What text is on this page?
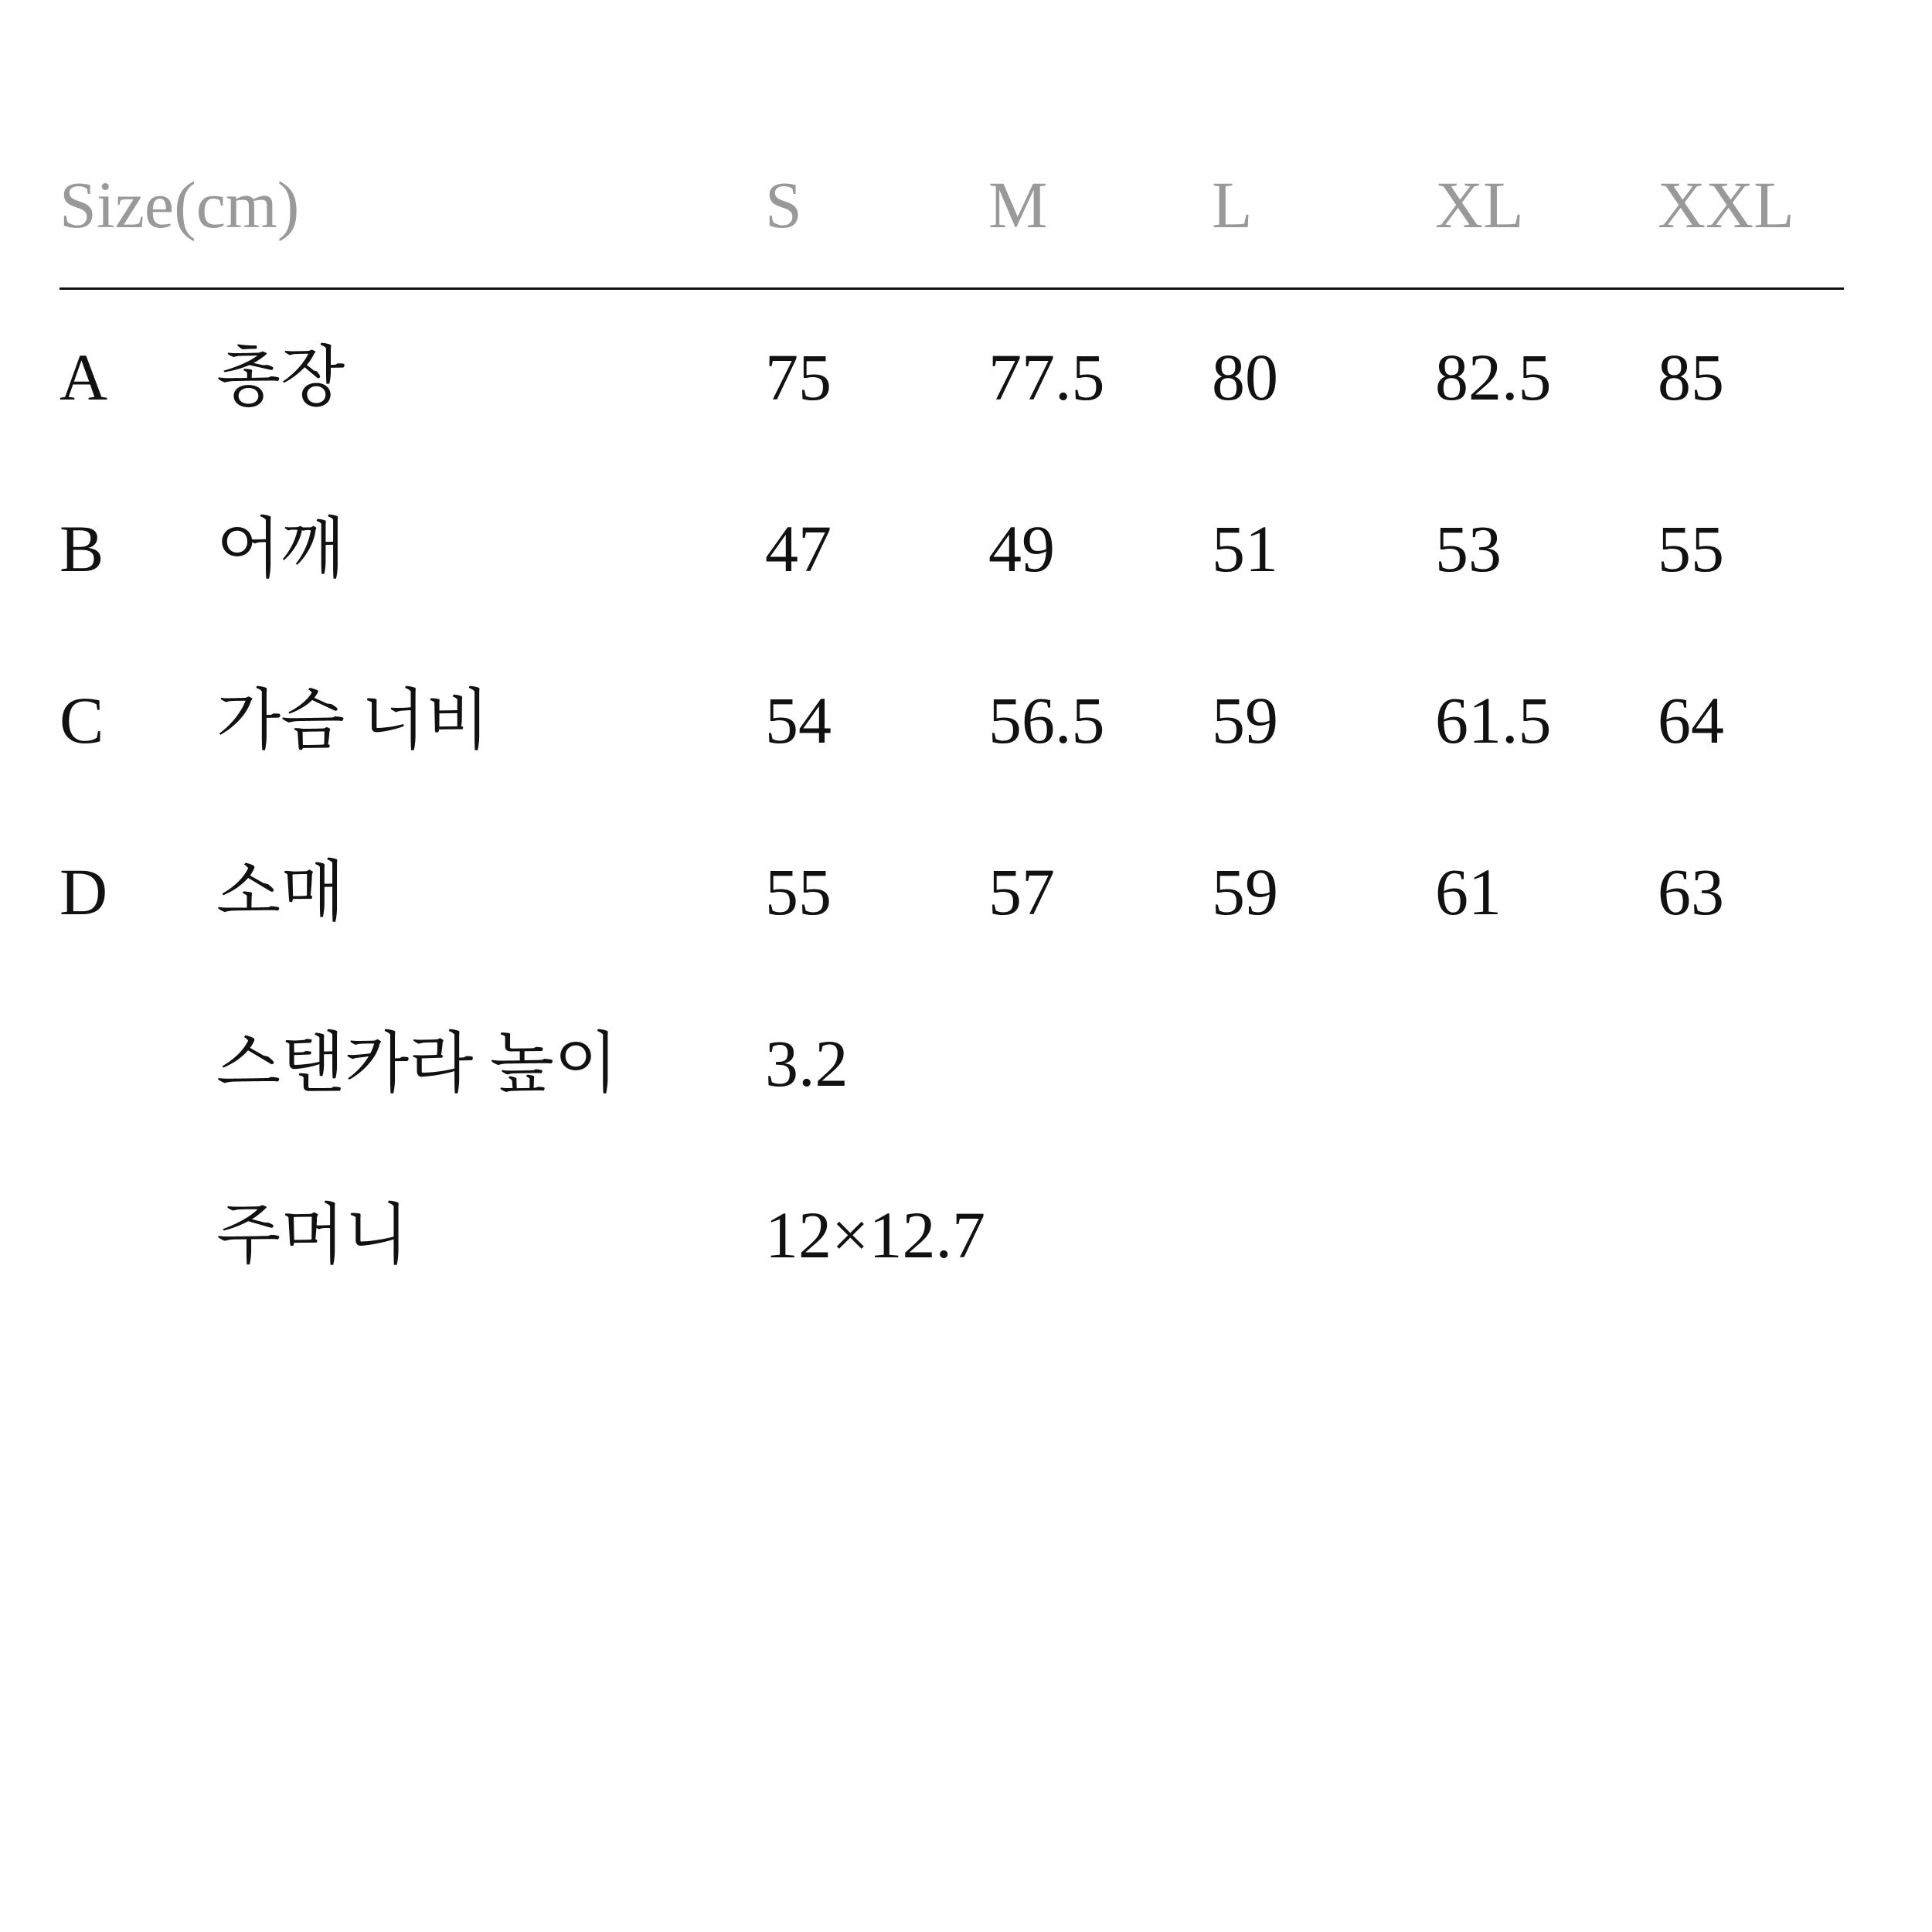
Size(cm)	S	M L	XL XXL
A 총장	75 77.5 80 82.5 85
B 어깨	47 49 51 53 55
C 가슴 너비	54 56.5 59 61.5 64
D 소매	55 57 59 61 63
스탠카라 높이 3.2
주머니	12×12.7
